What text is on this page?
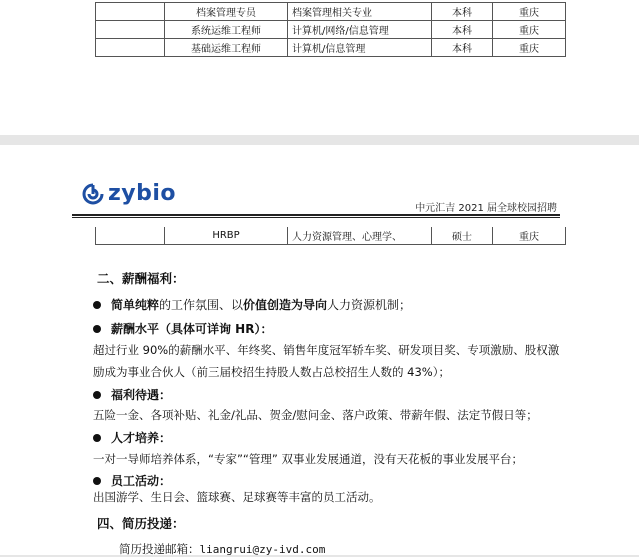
	档案管理专员	档案管理相关专业	本科	重庆
	系统运维工程师	计算机/网络/信息管理	本科	重庆
	基础运维工程师	计算机/信息管理	本科	重庆
zybio
中元汇吉 2021 届全球校园招聘
	HRBP	人力资源管理、心理学、	硕士	重庆
二、薪酬福利：
简单纯粹 的工作氛围、以 价值创造为导向 人力资源机制；
薪酬水平（具体可详询 HR）：
超过行业 90%的薪酬水平、年终奖、销售年度冠军轿车奖、研发项目奖、专项激励、股权激
励成为事业合伙人（前三届校招生持股人数占总校招生人数的 43%）；
福利待遇：
五险一金、各项补贴、礼金/礼品、贺金/慰问金、落户政策、带薪年假、法定节假日等；
人才培养：
一对一导师培养体系，“专家”“管理” 双事业发展通道，没有天花板的事业发展平台；
员工活动：
出国游学、生日会、篮球赛、足球赛等丰富的员工活动。
四、简历投递：
简历投递邮箱：liangrui@zy-ivd.com
